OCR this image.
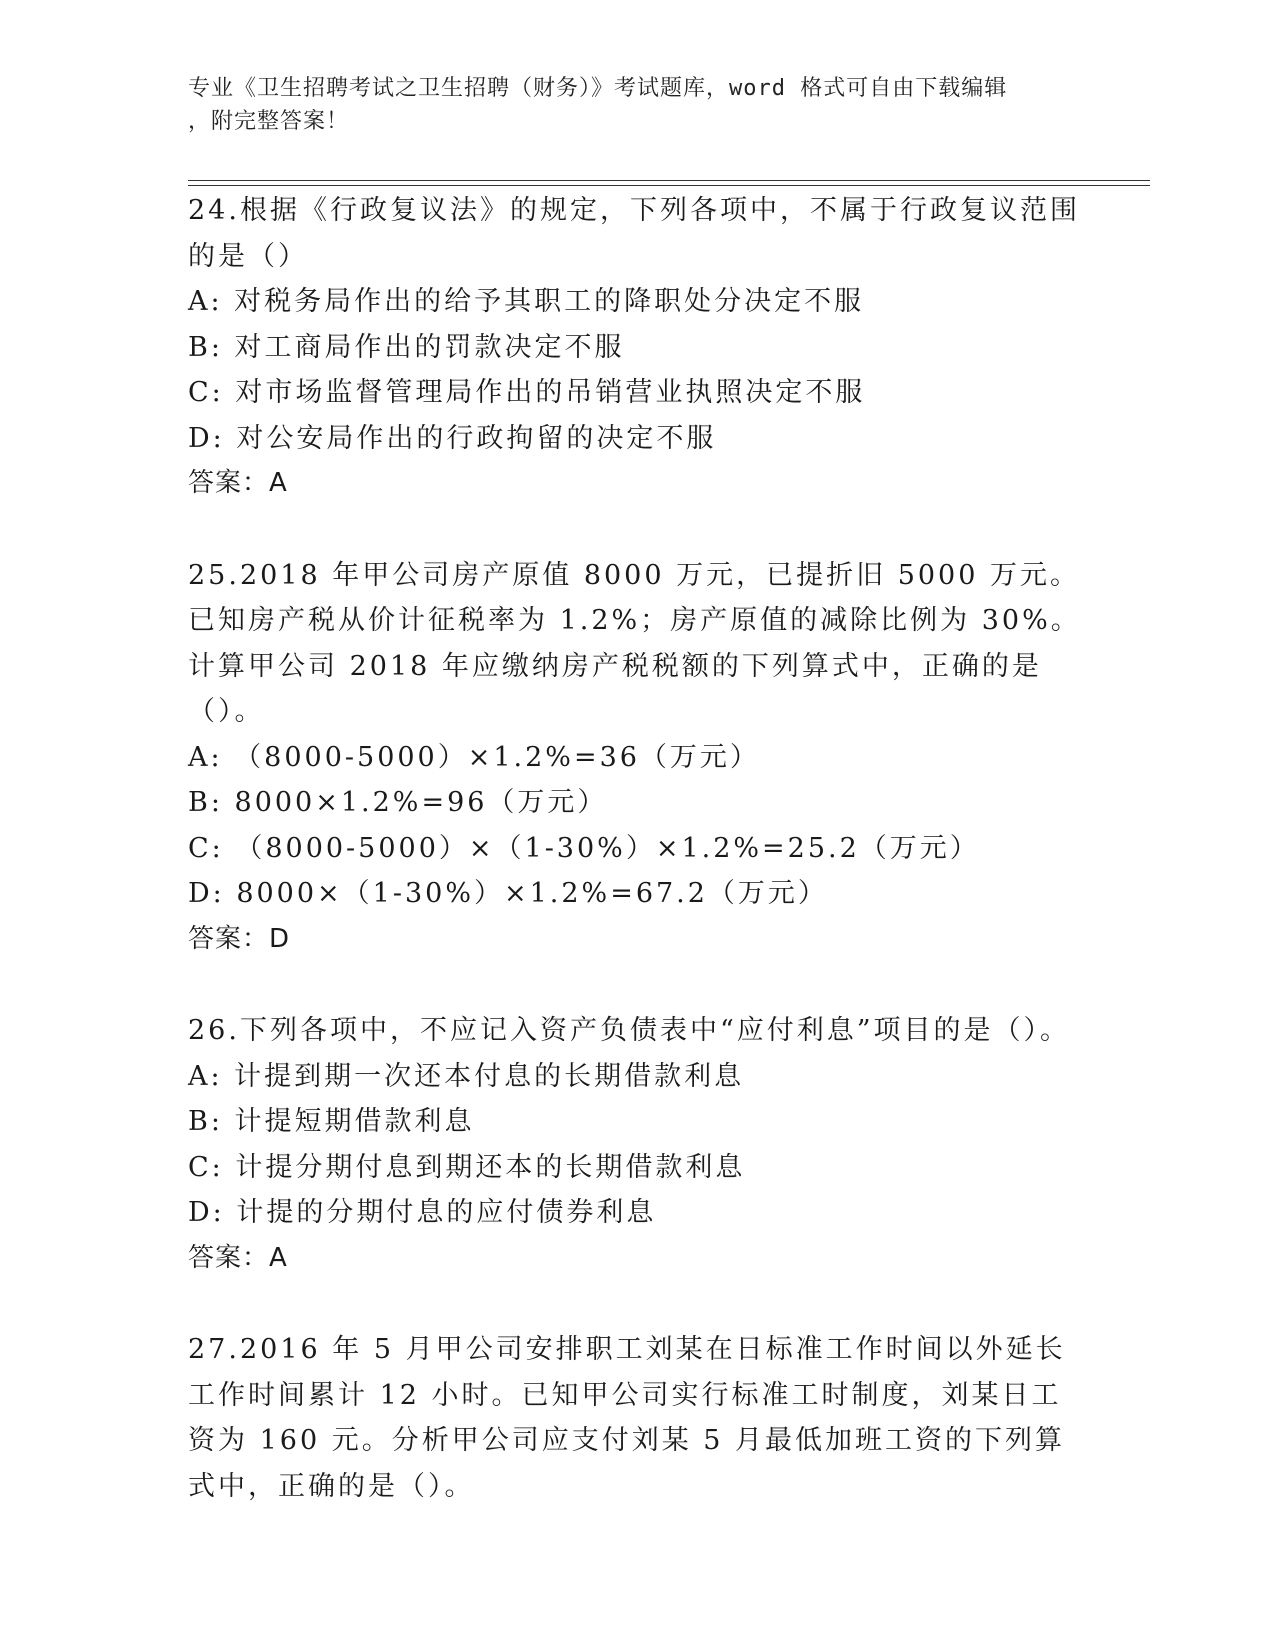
专业《卫生招聘考试之卫生招聘（财务）》考试题库，word 格式可自由下载编辑
，附完整答案！
24.根据《行政复议法》的规定，下列各项中，不属于行政复议范围的是（）
A: 对税务局作出的给予其职工的降职处分决定不服
B: 对工商局作出的罚款决定不服
C: 对市场监督管理局作出的吊销营业执照决定不服
D: 对公安局作出的行政拘留的决定不服
答案：A
25.2018 年甲公司房产原值 8000 万元，已提折旧 5000 万元。已知房产税从价计征税率为 1.2%；房产原值的减除比例为 30%。计算甲公司 2018 年应缴纳房产税税额的下列算式中，正确的是（）。
A: （8000-5000）×1.2%=36（万元）
B: 8000×1.2%=96（万元）
C: （8000-5000）×（1-30%）×1.2%=25.2（万元）
D: 8000×（1-30%）×1.2%=67.2（万元）
答案：D
26.下列各项中，不应记入资产负债表中“应付利息”项目的是（）。
A: 计提到期一次还本付息的长期借款利息
B: 计提短期借款利息
C: 计提分期付息到期还本的长期借款利息
D: 计提的分期付息的应付债券利息
答案：A
27.2016 年 5 月甲公司安排职工刘某在日标准工作时间以外延长工作时间累计 12 小时。已知甲公司实行标准工时制度，刘某日工资为 160 元。分析甲公司应支付刘某 5 月最低加班工资的下列算式中，正确的是（）。
